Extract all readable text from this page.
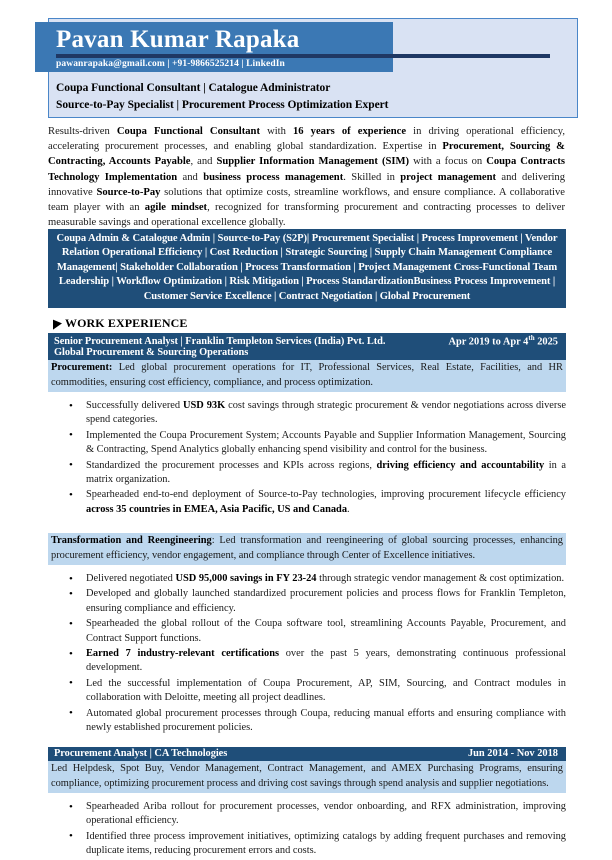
Pavan Kumar Rapaka
pawanrapaka@gmail.com | +91-9866525214 | LinkedIn
Coupa Functional Consultant | Catalogue Administrator
Source-to-Pay Specialist | Procurement Process Optimization Expert
Results-driven Coupa Functional Consultant with 16 years of experience in driving operational efficiency, accelerating procurement processes, and enabling global standardization. Expertise in Procurement, Sourcing & Contracting, Accounts Payable, and Supplier Information Management (SIM) with a focus on Coupa Contracts Technology Implementation and business process management. Skilled in project management and delivering innovative Source-to-Pay solutions that optimize costs, streamline workflows, and ensure compliance. A collaborative team player with an agile mindset, recognized for transforming procurement and contracting processes to deliver measurable savings and operational excellence globally.
Coupa Admin & Catalogue Admin | Source-to-Pay (S2P)| Procurement Specialist | Process Improvement | Vendor Relation Operational Efficiency | Cost Reduction | Strategic Sourcing | Supply Chain Management Compliance Management| Stakeholder Collaboration | Process Transformation | Project Management Cross-Functional Team Leadership | Workflow Optimization | Risk Mitigation | Process StandardizationBusiness Process Improvement | Customer Service Excellence | Contract Negotiation | Global Procurement
WORK EXPERIENCE
Senior Procurement Analyst | Franklin Templeton Services (India) Pvt. Ltd.	Apr 2019 to Apr 4th 2025
Global Procurement & Sourcing Operations
Procurement: Led global procurement operations for IT, Professional Services, Real Estate, Facilities, and HR commodities, ensuring cost efficiency, compliance, and process optimization.
• Successfully delivered USD 93K cost savings through strategic procurement & vendor negotiations across diverse spend categories.
• Implemented the Coupa Procurement System; Accounts Payable and Supplier Information Management, Sourcing & Contracting, Spend Analytics globally enhancing spend visibility and control for the business.
• Standardized the procurement processes and KPIs across regions, driving efficiency and accountability in a matrix organization.
• Spearheaded end-to-end deployment of Source-to-Pay technologies, improving procurement lifecycle efficiency across 35 countries in EMEA, Asia Pacific, US and Canada.
Transformation and Reengineering: Led transformation and reengineering of global sourcing processes, enhancing procurement efficiency, vendor engagement, and compliance through Center of Excellence initiatives.
• Delivered negotiated USD 95,000 savings in FY 23-24 through strategic vendor management & cost optimization.
• Developed and globally launched standardized procurement policies and process flows for Franklin Templeton, ensuring compliance and efficiency.
• Spearheaded the global rollout of the Coupa software tool, streamlining Accounts Payable, Procurement, and Contract Support functions.
• Earned 7 industry-relevant certifications over the past 5 years, demonstrating continuous professional development.
• Led the successful implementation of Coupa Procurement, AP, SIM, Sourcing, and Contract modules in collaboration with Deloitte, meeting all project deadlines.
• Automated global procurement processes through Coupa, reducing manual efforts and ensuring compliance with newly established procurement policies.
Procurement Analyst | CA Technologies	Jun 2014 - Nov 2018
Led Helpdesk, Spot Buy, Vendor Management, Contract Management, and AMEX Purchasing Programs, ensuring compliance, optimizing procurement process and driving cost savings through spend analysis and supplier negotiations.
• Spearheaded Ariba rollout for procurement processes, vendor onboarding, and RFX administration, improving operational efficiency.
• Identified three process improvement initiatives, optimizing catalogs by adding frequent purchases and removing duplicate items, reducing procurement errors and costs.
